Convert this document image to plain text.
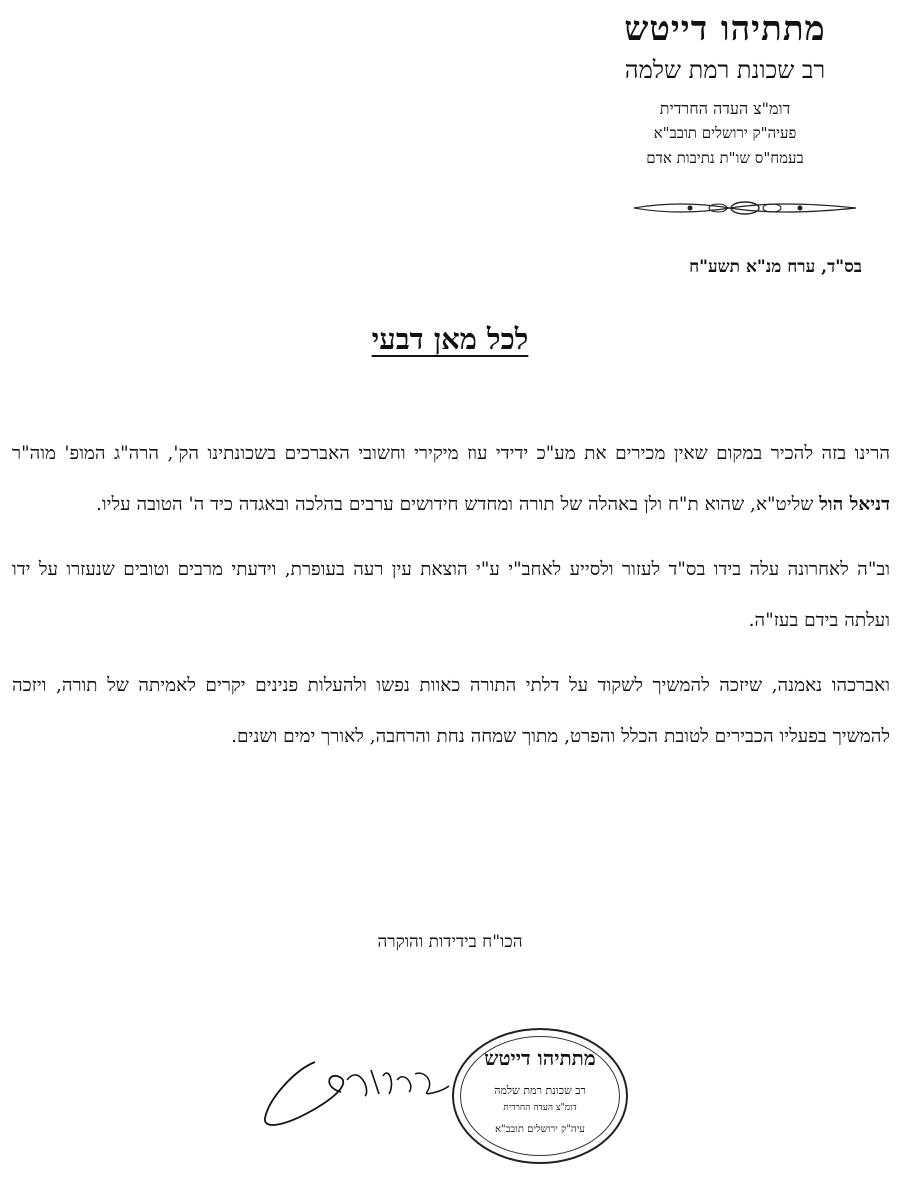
מתתיהו דייטש
רב שכונת רמת שלמה
דומ"צ העדה החרדית
פעיה"ק ירושלים תובב"א
בעמח"ס שו"ת נתיבות אדם
בס"ד, ערח מנ"א תשע"ח
לכל מאן דבעי

הרינו בזה להכיר במקום שאין מכירים את מע"כ ידידי עוז מיקירי וחשובי האברכים בשכונתינו הק', הרה"ג המופ' מוה"ר דניאל הול שליט"א, שהוא ת"ח ולן באהלה של תורה ומחדש חידושים ערבים בהלכה ובאגדה כיד ה' הטובה עליו.

וב"ה לאחרונה עלה בידו בס"ד לעזור ולסייע לאחב"י ע"י הוצאת עין רעה בעופרת, וידעתי מרבים וטובים שנעזרו על ידו ועלתה בידם בעז"ה.

ואברכהו נאמנה, שיזכה להמשיך לשקוד על דלתי התורה כאוות נפשו ולהעלות פנינים יקרים לאמיתה של תורה, ויזכה להמשיך בפעליו הכבירים לטובת הכלל והפרט, מתוך שמחה נחת והרחבה, לאורך ימים ושנים.

הכו"ח בידידות והוקרה
מתתיהו דייטש
רב שכונת רמת שלמה
דומ"צ העדה החרדית
עיה"ק ירושלים תובב"א
